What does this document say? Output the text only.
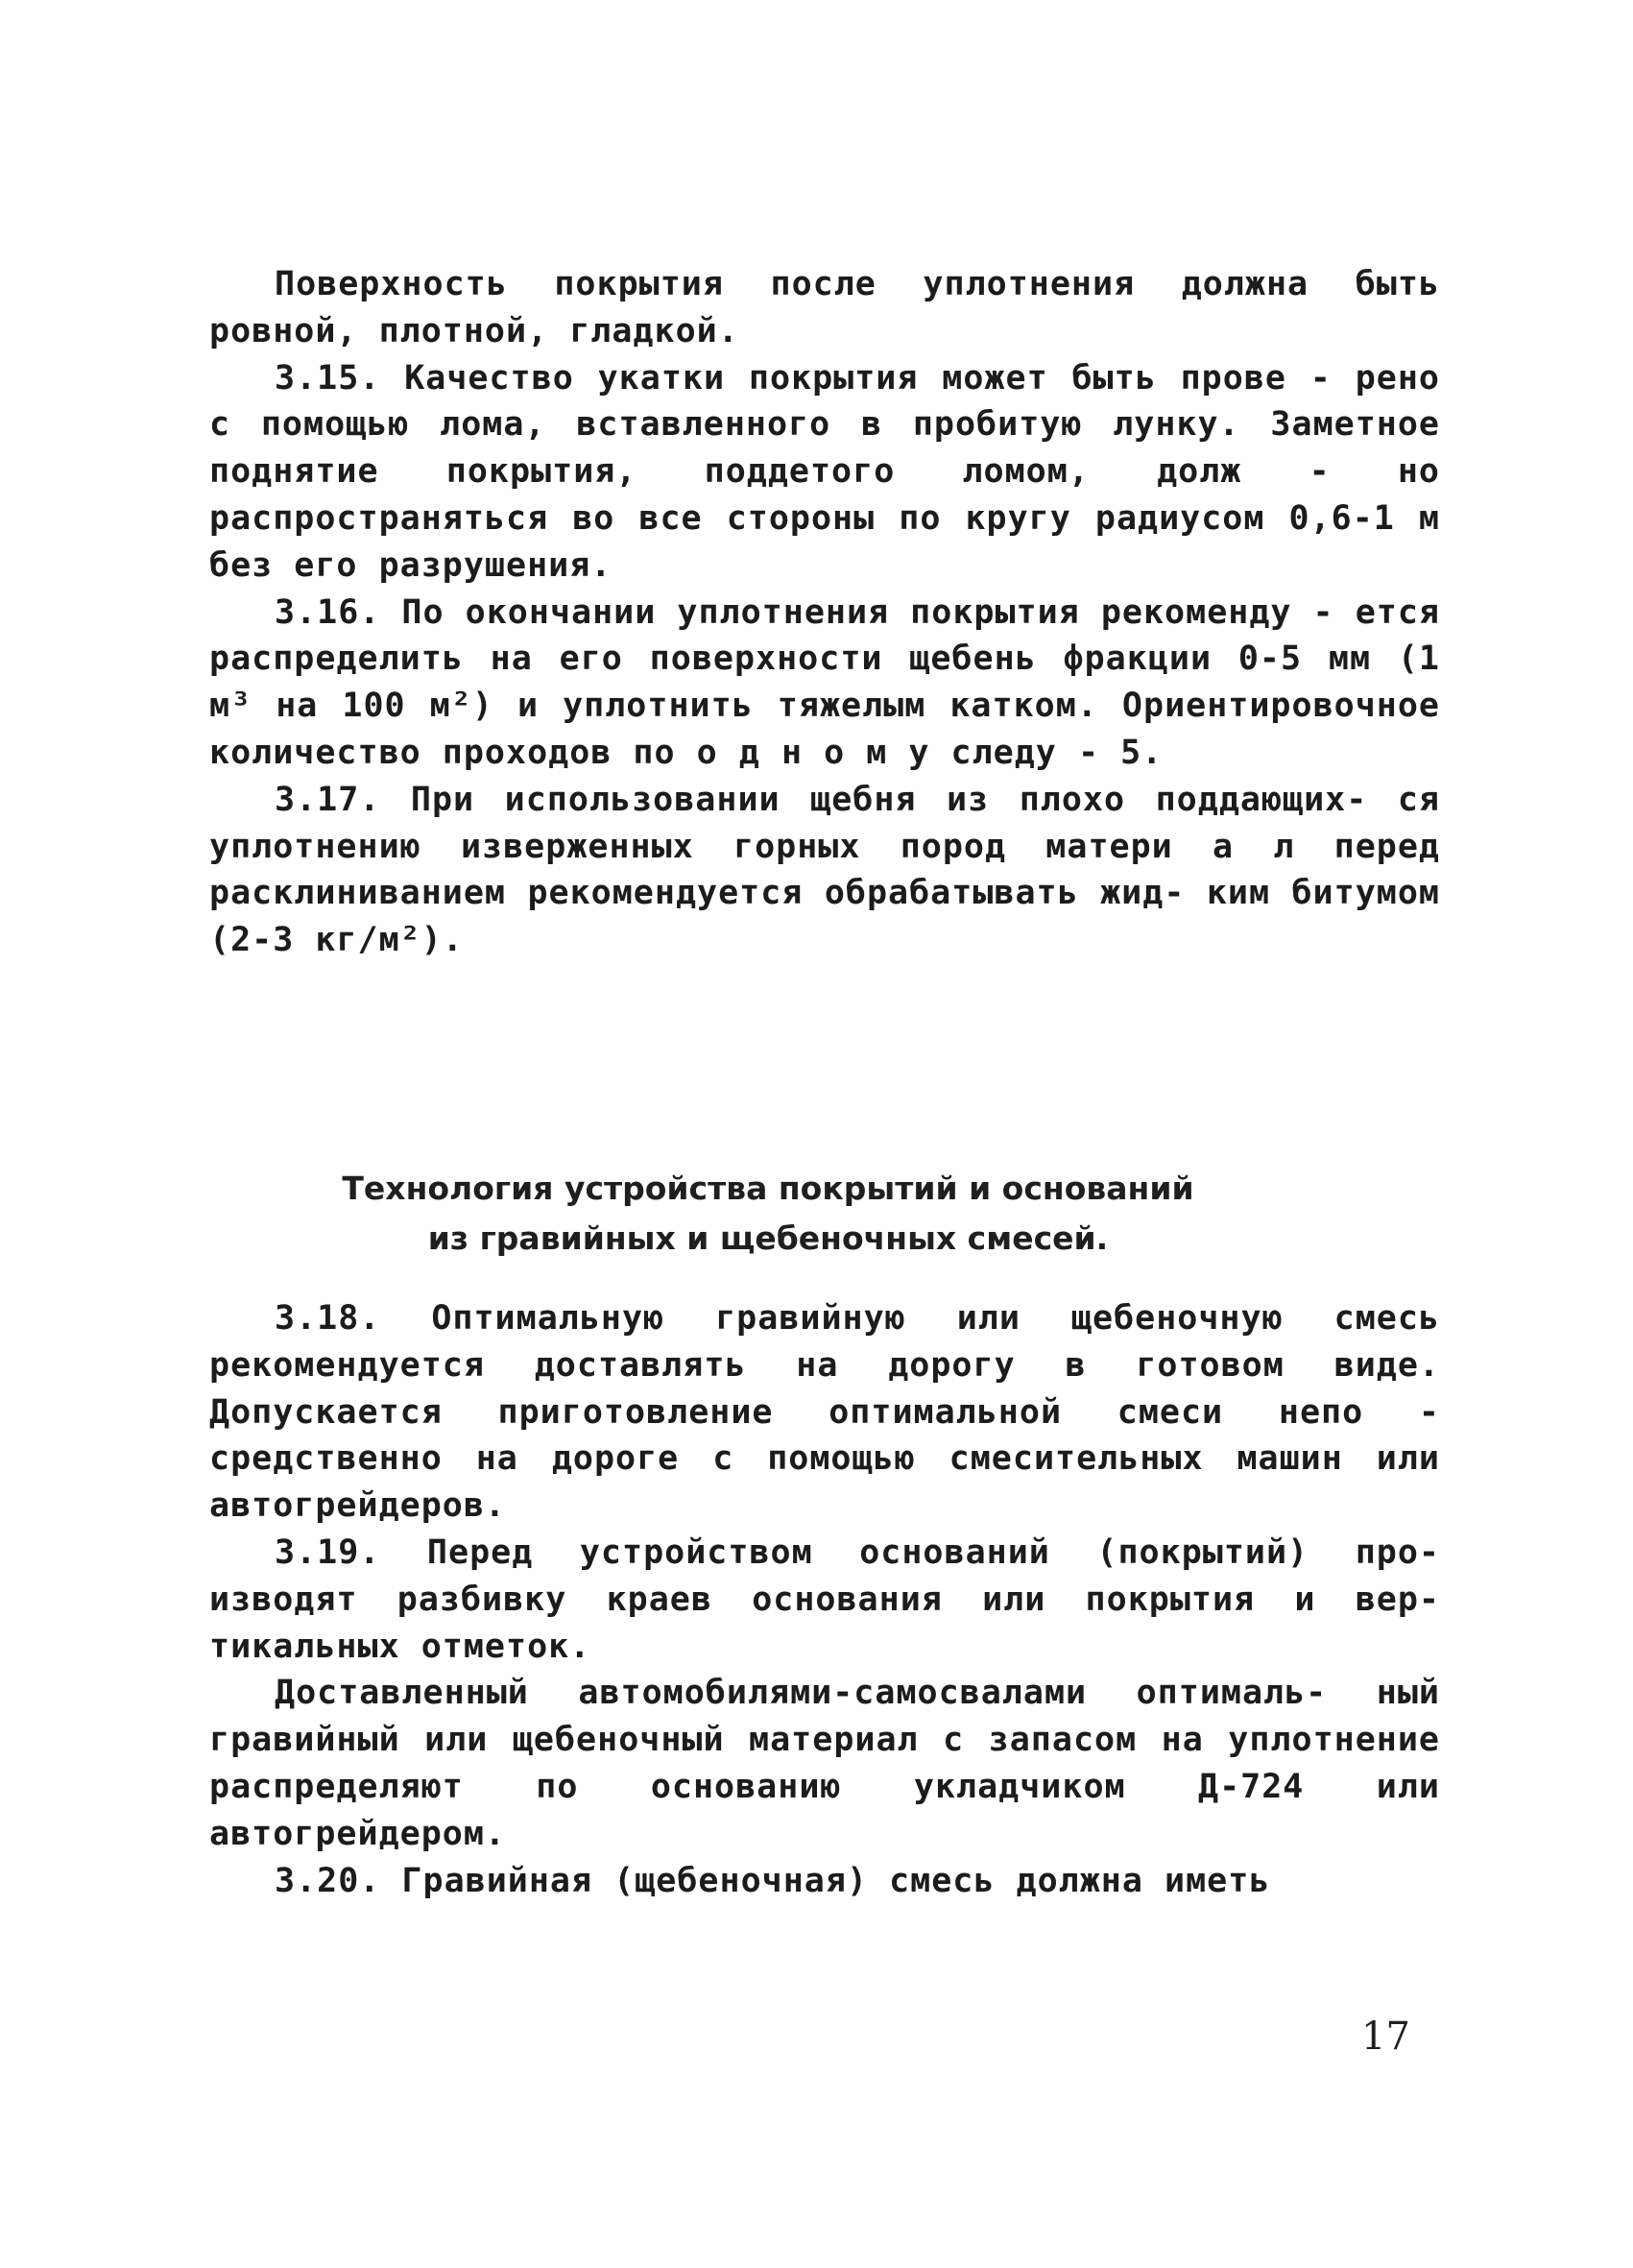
Поверхность покрытия после уплотнения должна быть ровной, плотной, гладкой.

3.15. Качество укатки покрытия может быть прове - рено с помощью лома, вставленного в пробитую лунку. Заметное поднятие покрытия, поддетого ломом, долж - но распространяться во все стороны по кругу радиусом 0,6-1 м без его разрушения.

3.16. По окончании уплотнения покрытия рекоменду - ется распределить на его поверхности щебень фракции 0-5 мм (1 м³ на 100 м²) и уплотнить тяжелым катком. Ориентировочное количество проходов по о д н о м у следу - 5.

3.17. При использовании щебня из плохо поддающих- ся уплотнению изверженных горных пород матери а л перед расклиниванием рекомендуется обрабатывать жид- ким битумом (2-3 кг/м²).

Технология устройства покрытий и оснований
из гравийных и щебеночных смесей.

3.18. Оптимальную гравийную или щебеночную смесь рекомендуется доставлять на дорогу в готовом виде. Допускается приготовление оптимальной смеси непо - средственно на дороге с помощью смесительных машин или автогрейдеров.

3.19. Перед устройством оснований (покрытий) про- изводят разбивку краев основания или покрытия и вер- тикальных отметок.

Доставленный автомобилями-самосвалами оптималь- ный гравийный или щебеночный материал с запасом на уплотнение распределяют по основанию укладчиком Д-724 или автогрейдером.

3.20. Гравийная (щебеночная) смесь должна иметь

17
